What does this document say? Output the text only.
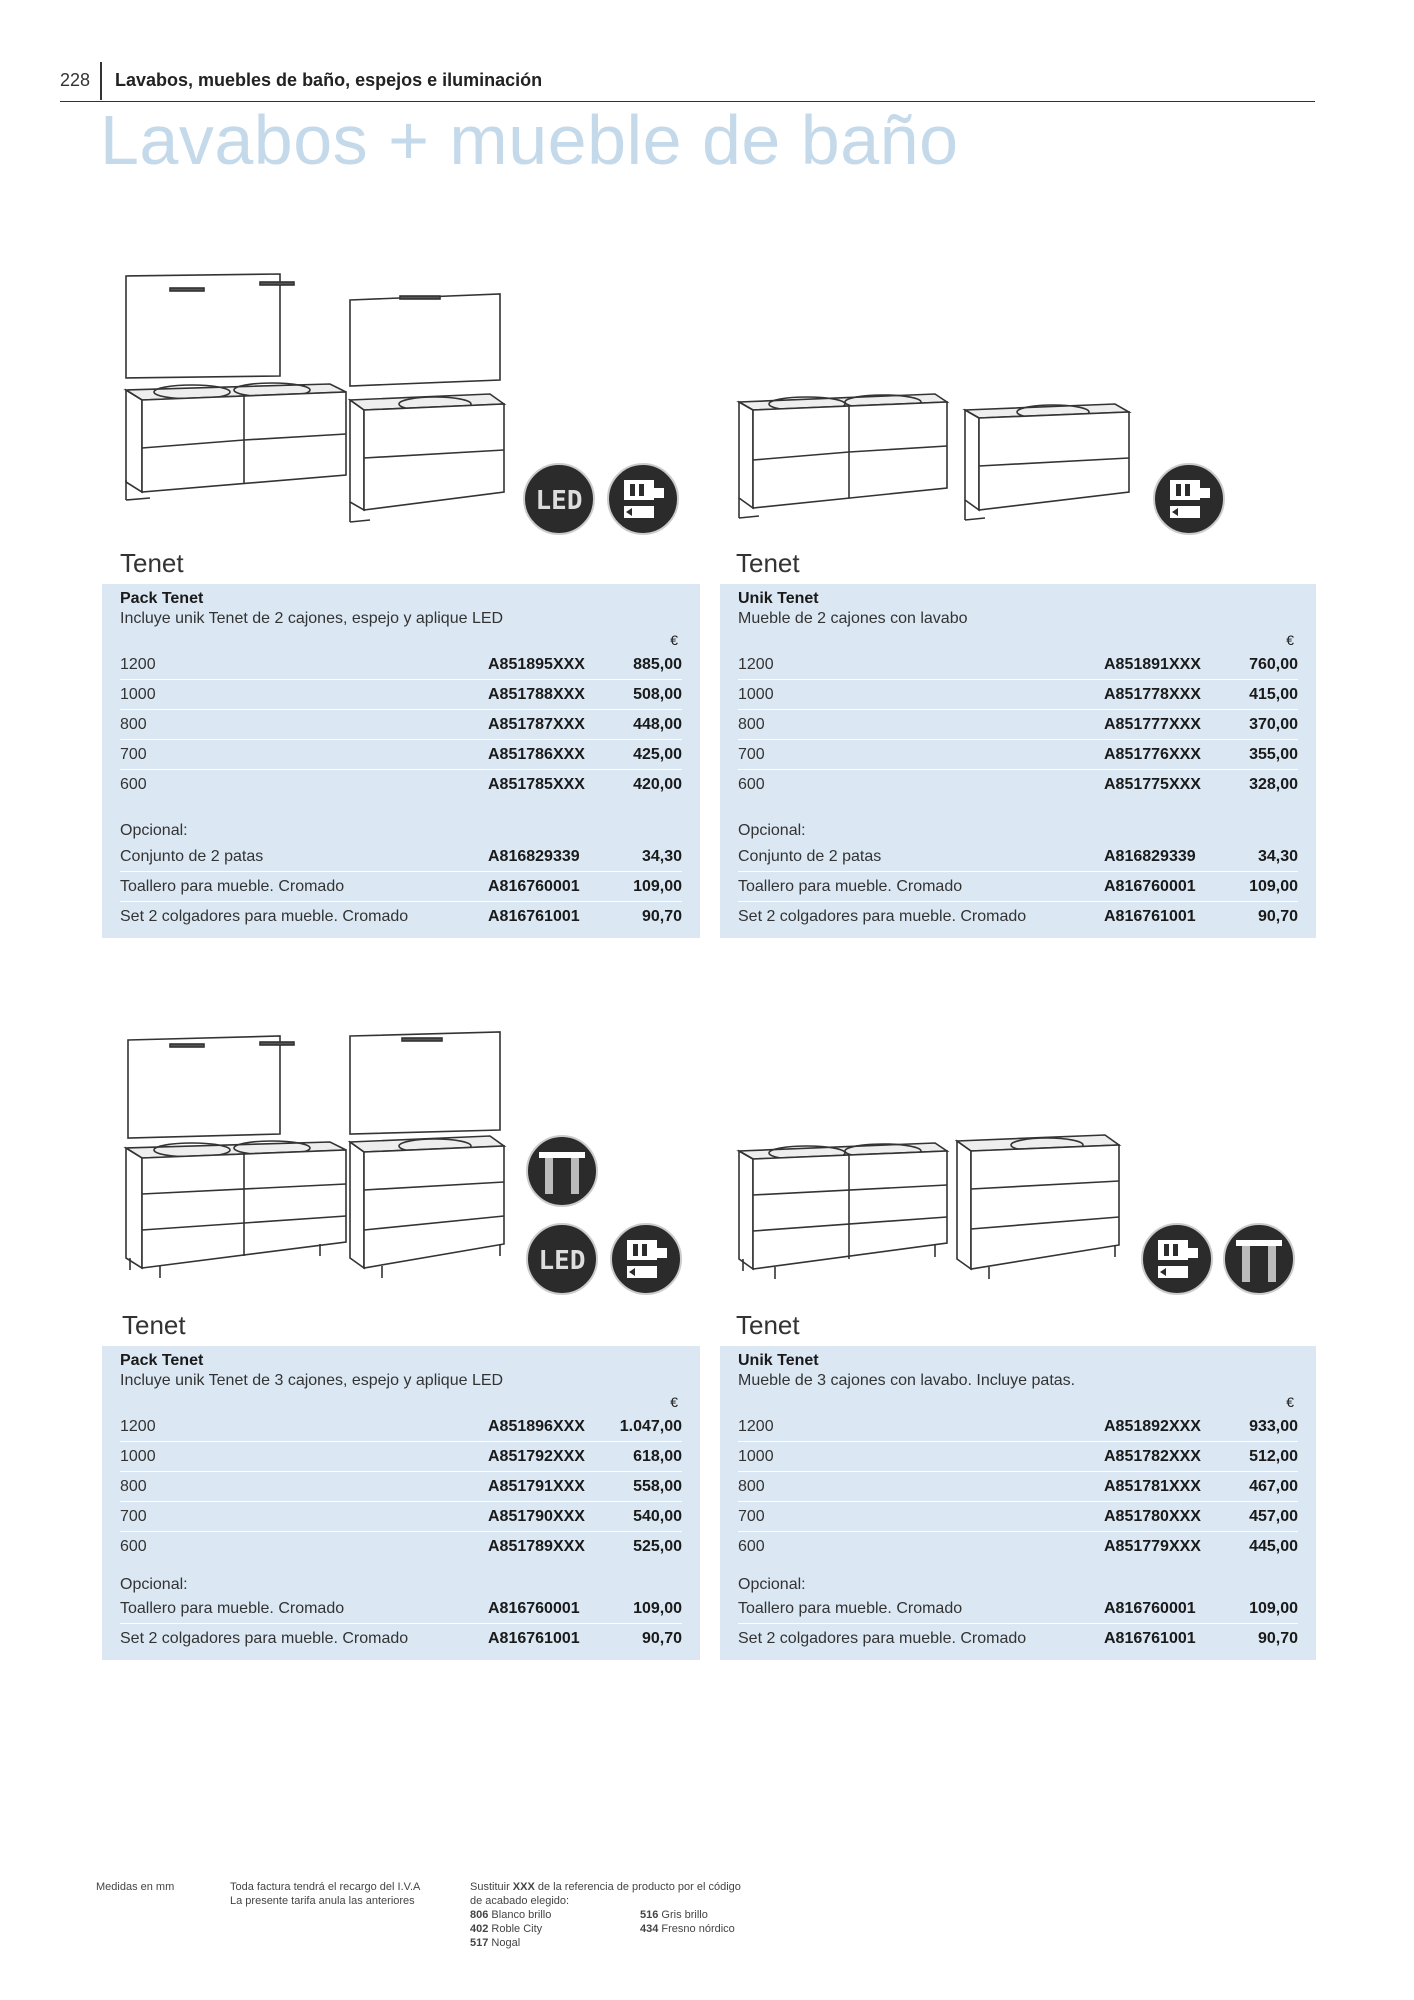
228 Lavabos, muebles de baño, espejos e iluminación
Lavabos + mueble de baño
LED
LED
Tenet
Pack Tenet
Incluye unik Tenet de 2 cajones, espejo y aplique LED
€
1200	A851895XXX	885,00
1000	A851788XXX	508,00
800	A851787XXX	448,00
700	A851786XXX	425,00
600	A851785XXX	420,00
Opcional:
Conjunto de 2 patas	A816829339	34,30
Toallero para mueble. Cromado	A816760001	109,00
Set 2 colgadores para mueble. Cromado	A816761001	90,70
Tenet
Unik Tenet
Mueble de 2 cajones con lavabo
€
1200	A851891XXX	760,00
1000	A851778XXX	415,00
800	A851777XXX	370,00
700	A851776XXX	355,00
600	A851775XXX	328,00
Opcional:
Conjunto de 2 patas	A816829339	34,30
Toallero para mueble. Cromado	A816760001	109,00
Set 2 colgadores para mueble. Cromado	A816761001	90,70
Tenet
Pack Tenet
Incluye unik Tenet de 3 cajones, espejo y aplique LED
€
1200	A851896XXX 1.047,00
1000	A851792XXX	618,00
800	A851791XXX	558,00
700	A851790XXX	540,00
600	A851789XXX	525,00
Opcional:
Toallero para mueble. Cromado	A816760001	109,00
Set 2 colgadores para mueble. Cromado	A816761001	90,70
Tenet
Unik Tenet
Mueble de 3 cajones con lavabo. Incluye patas.
€
1200	A851892XXX	933,00
1000	A851782XXX	512,00
800	A851781XXX	467,00
700	A851780XXX	457,00
600	A851779XXX	445,00
Opcional:
Toallero para mueble. Cromado	A816760001	109,00
Set 2 colgadores para mueble. Cromado	A816761001	90,70
Medidas en mm	Toda factura tendrá el recargo del I.V.A
La presente tarifa anula las anteriores
Sustituir XXX de la referencia de producto por el código
de acabado elegido:
806 Blanco brillo
402 Roble City
517 Nogal
516 Gris brillo
434 Fresno nórdico
